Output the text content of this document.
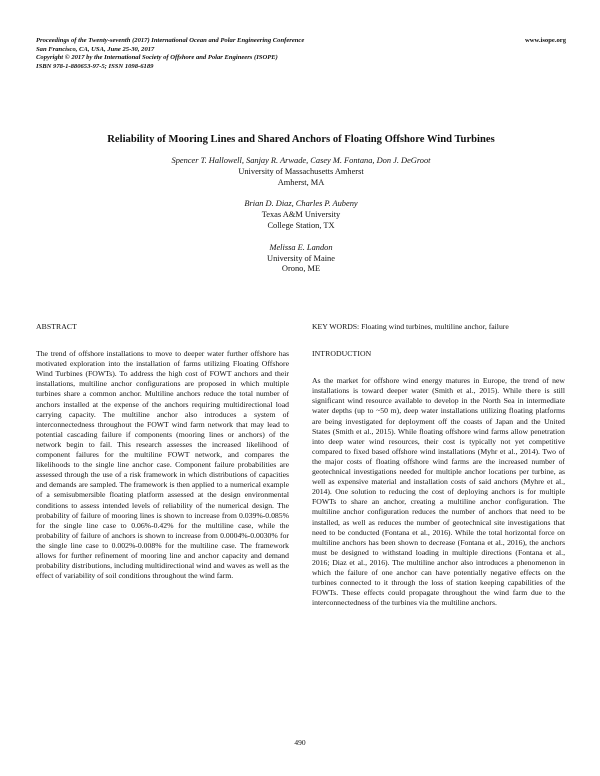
Proceedings of the Twenty-seventh (2017) International Ocean and Polar Engineering Conference
San Francisco, CA, USA, June 25-30, 2017
Copyright © 2017 by the International Society of Offshore and Polar Engineers (ISOPE)
ISBN 978-1-880653-97-5; ISSN 1098-6189
www.isope.org
Reliability of Mooring Lines and Shared Anchors of Floating Offshore Wind Turbines
Spencer T. Hallowell, Sanjay R. Arwade, Casey M. Fontana, Don J. DeGroot
University of Massachusetts Amherst
Amherst, MA
Brian D. Diaz, Charles P. Aubeny
Texas A&M University
College Station, TX
Melissa E. Landon
University of Maine
Orono, ME
ABSTRACT

The trend of offshore installations to move to deeper water further offshore has motivated exploration into the installation of farms utilizing Floating Offshore Wind Turbines (FOWTs). To address the high cost of FOWT anchors and their installations, multiline anchor configurations are proposed in which multiple turbines share a common anchor. Multiline anchors reduce the total number of anchors installed at the expense of the anchors requiring multidirectional load carrying capacity. The multiline anchor also introduces a system of interconnectedness throughout the FOWT wind farm network that may lead to potential cascading failure if components (mooring lines or anchors) of the network begin to fail. This research assesses the increased likelihood of component failures for the multiline FOWT network, and compares the likelihoods to the single line anchor case. Component failure probabilities are assessed through the use of a risk framework in which distributions of capacities and demands are sampled. The framework is then applied to a numerical example of a semisubmersible floating platform assessed at the design environmental conditions to assess intended levels of reliability of the numerical design. The probability of failure of mooring lines is shown to increase from 0.039%-0.085% for the single line case to 0.06%-0.42% for the multiline case, while the probability of failure of anchors is shown to increase from 0.0004%-0.0030% for the single line case to 0.002%-0.008% for the multiline case. The framework allows for further refinement of mooring line and anchor capacity and demand probability distributions, including multidirectional wind and waves as well as the effect of variability of soil conditions throughout the wind farm.

KEY WORDS: Floating wind turbines, multiline anchor, failure
INTRODUCTION

As the market for offshore wind energy matures in Europe, the trend of new installations is toward deeper water (Smith et al., 2015). While there is still significant wind resource available to develop in the North Sea in intermediate water depths (up to ~50 m), deep water installations utilizing floating platforms are being investigated for deployment off the coasts of Japan and the United States (Smith et al., 2015). While floating offshore wind farms allow penetration into deep water wind resources, their cost is typically not yet competitive compared to fixed based offshore wind installations (Myhr et al., 2014). Two of the major costs of floating offshore wind farms are the increased number of geotechnical investigations needed for multiple anchor locations per turbine, as well as expensive material and installation costs of said anchors (Myhre et al., 2014). One solution to reducing the cost of deploying anchors is for multiple FOWTs to share an anchor, creating a multiline anchor configuration. The multiline anchor configuration reduces the number of anchors that need to be installed, as well as reduces the number of geotechnical site investigations that need to be conducted (Fontana et al., 2016). While the total horizontal force on multiline anchors has been shown to decrease (Fontana et al., 2016), the anchors must be designed to withstand loading in multiple directions (Fontana et al., 2016; Diaz et al., 2016). The multiline anchor also introduces a phenomenon in which the failure of one anchor can have potentially negative effects on the turbines connected to it through the loss of station keeping capabilities of the FOWTs. These effects could propagate throughout the wind farm due to the interconnectedness of the turbines via the multiline anchors.

490
